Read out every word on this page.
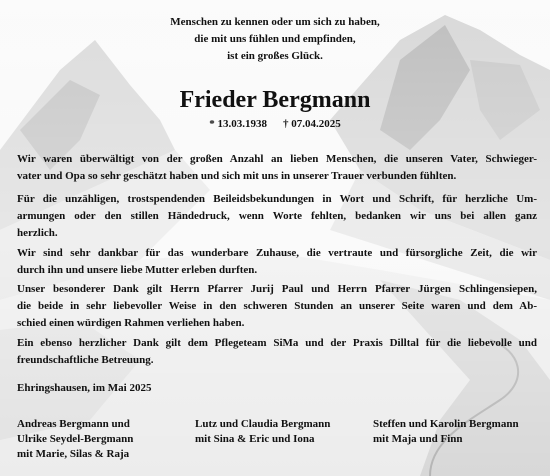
Menschen zu kennen oder um sich zu haben,
die mit uns fühlen und empfinden,
ist ein großes Glück.
Frieder Bergmann
* 13.03.1938 † 07.04.2025
Wir waren überwältigt von der großen Anzahl an lieben Menschen, die unseren Vater, Schwieger-
vater und Opa so sehr geschätzt haben und sich mit uns in unserer Trauer verbunden fühlten.
Für die unzähligen, trostspendenden Beileidsbekundungen in Wort und Schrift, für herzliche Um-
armungen oder den stillen Händedruck, wenn Worte fehlten, bedanken wir uns bei allen ganz
herzlich.
Wir sind sehr dankbar für das wunderbare Zuhause, die vertraute und fürsorgliche Zeit, die wir
durch ihn und unsere liebe Mutter erleben durften.
Unser besonderer Dank gilt Herrn Pfarrer Jurij Paul und Herrn Pfarrer Jürgen Schlingensiepen,
die beide in sehr liebevoller Weise in den schweren Stunden an unserer Seite waren und dem Ab-
schied einen würdigen Rahmen verliehen haben.
Ein ebenso herzlicher Dank gilt dem Pflegeteam SiMa und der Praxis Dilltal für die liebevolle und
freundschaftliche Betreuung.
Ehringshausen, im Mai 2025
Andreas Bergmann und
Ulrike Seydel-Bergmann
mit Marie, Silas & Raja
Lutz und Claudia Bergmann
mit Sina & Eric und Iona
Steffen und Karolin Bergmann
mit Maja und Finn
